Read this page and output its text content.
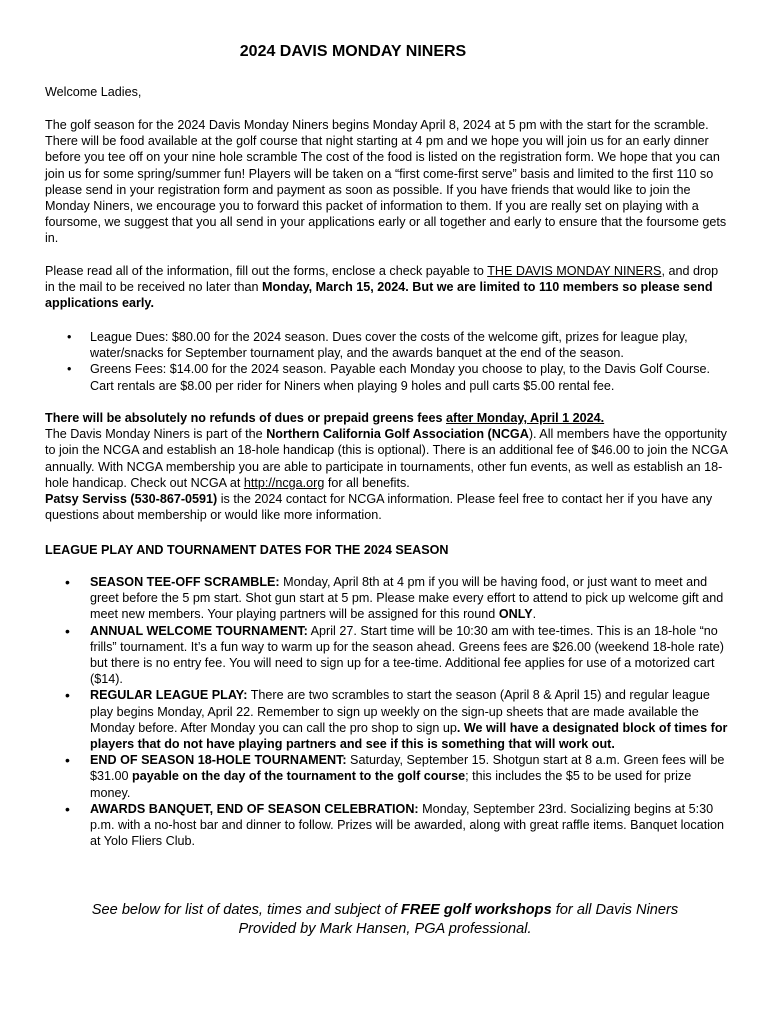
2024 DAVIS MONDAY NINERS

Welcome Ladies,

The golf season for the 2024 Davis Monday Niners begins Monday April 8, 2024 at 5 pm with the start for the scramble. There will be food available at the golf course that night starting at 4 pm and we hope you will join us for an early dinner before you tee off on your nine hole scramble The cost of the food is listed on the registration form. We hope that you can join us for some spring/summer fun! Players will be taken on a “first come-first serve” basis and limited to the first 110 so please send in your registration form and payment as soon as possible. If you have friends that would like to join the Monday Niners, we encourage you to forward this packet of information to them. If you are really set on playing with a foursome, we suggest that you all send in your applications early or all together and early to ensure that the foursome gets in.

Please read all of the information, fill out the forms, enclose a check payable to THE DAVIS MONDAY NINERS, and drop in the mail to be received no later than Monday, March 15, 2024. But we are limited to 110 members so please send applications early.

• League Dues: $80.00 for the 2024 season. Dues cover the costs of the welcome gift, prizes for league play, water/snacks for September tournament play, and the awards banquet at the end of the season.
• Greens Fees: $14.00 for the 2024 season. Payable each Monday you choose to play, to the Davis Golf Course. Cart rentals are $8.00 per rider for Niners when playing 9 holes and pull carts $5.00 rental fee.

There will be absolutely no refunds of dues or prepaid greens fees after Monday, April 1 2024.
The Davis Monday Niners is part of the Northern California Golf Association (NCGA). All members have the opportunity to join the NCGA and establish an 18-hole handicap (this is optional). There is an additional fee of $46.00 to join the NCGA annually. With NCGA membership you are able to participate in tournaments, other fun events, as well as establish an 18-hole handicap. Check out NCGA at http://ncga.org for all benefits.
Patsy Serviss (530-867-0591) is the 2024 contact for NCGA information. Please feel free to contact her if you have any questions about membership or would like more information.

LEAGUE PLAY AND TOURNAMENT DATES FOR THE 2024 SEASON

• SEASON TEE-OFF SCRAMBLE: Monday, April 8th at 4 pm if you will be having food, or just want to meet and greet before the 5 pm start. Shot gun start at 5 pm. Please make every effort to attend to pick up welcome gift and meet new members. Your playing partners will be assigned for this round ONLY.
• ANNUAL WELCOME TOURNAMENT: April 27. Start time will be 10:30 am with tee-times. This is an 18-hole “no frills” tournament. It’s a fun way to warm up for the season ahead. Greens fees are $26.00 (weekend 18-hole rate) but there is no entry fee. You will need to sign up for a tee-time. Additional fee applies for use of a motorized cart ($14).
• REGULAR LEAGUE PLAY: There are two scrambles to start the season (April 8 & April 15) and regular league play begins Monday, April 22. Remember to sign up weekly on the sign-up sheets that are made available the Monday before. After Monday you can call the pro shop to sign up. We will have a designated block of times for players that do not have playing partners and see if this is something that will work out.
• END OF SEASON 18-HOLE TOURNAMENT: Saturday, September 15. Shotgun start at 8 a.m. Green fees will be $31.00 payable on the day of the tournament to the golf course; this includes the $5 to be used for prize money.
• AWARDS BANQUET, END OF SEASON CELEBRATION: Monday, September 23rd. Socializing begins at 5:30 p.m. with a no-host bar and dinner to follow. Prizes will be awarded, along with great raffle items. Banquet location at Yolo Fliers Club.
See below for list of dates, times and subject of FREE golf workshops for all Davis Niners
Provided by Mark Hansen, PGA professional.
